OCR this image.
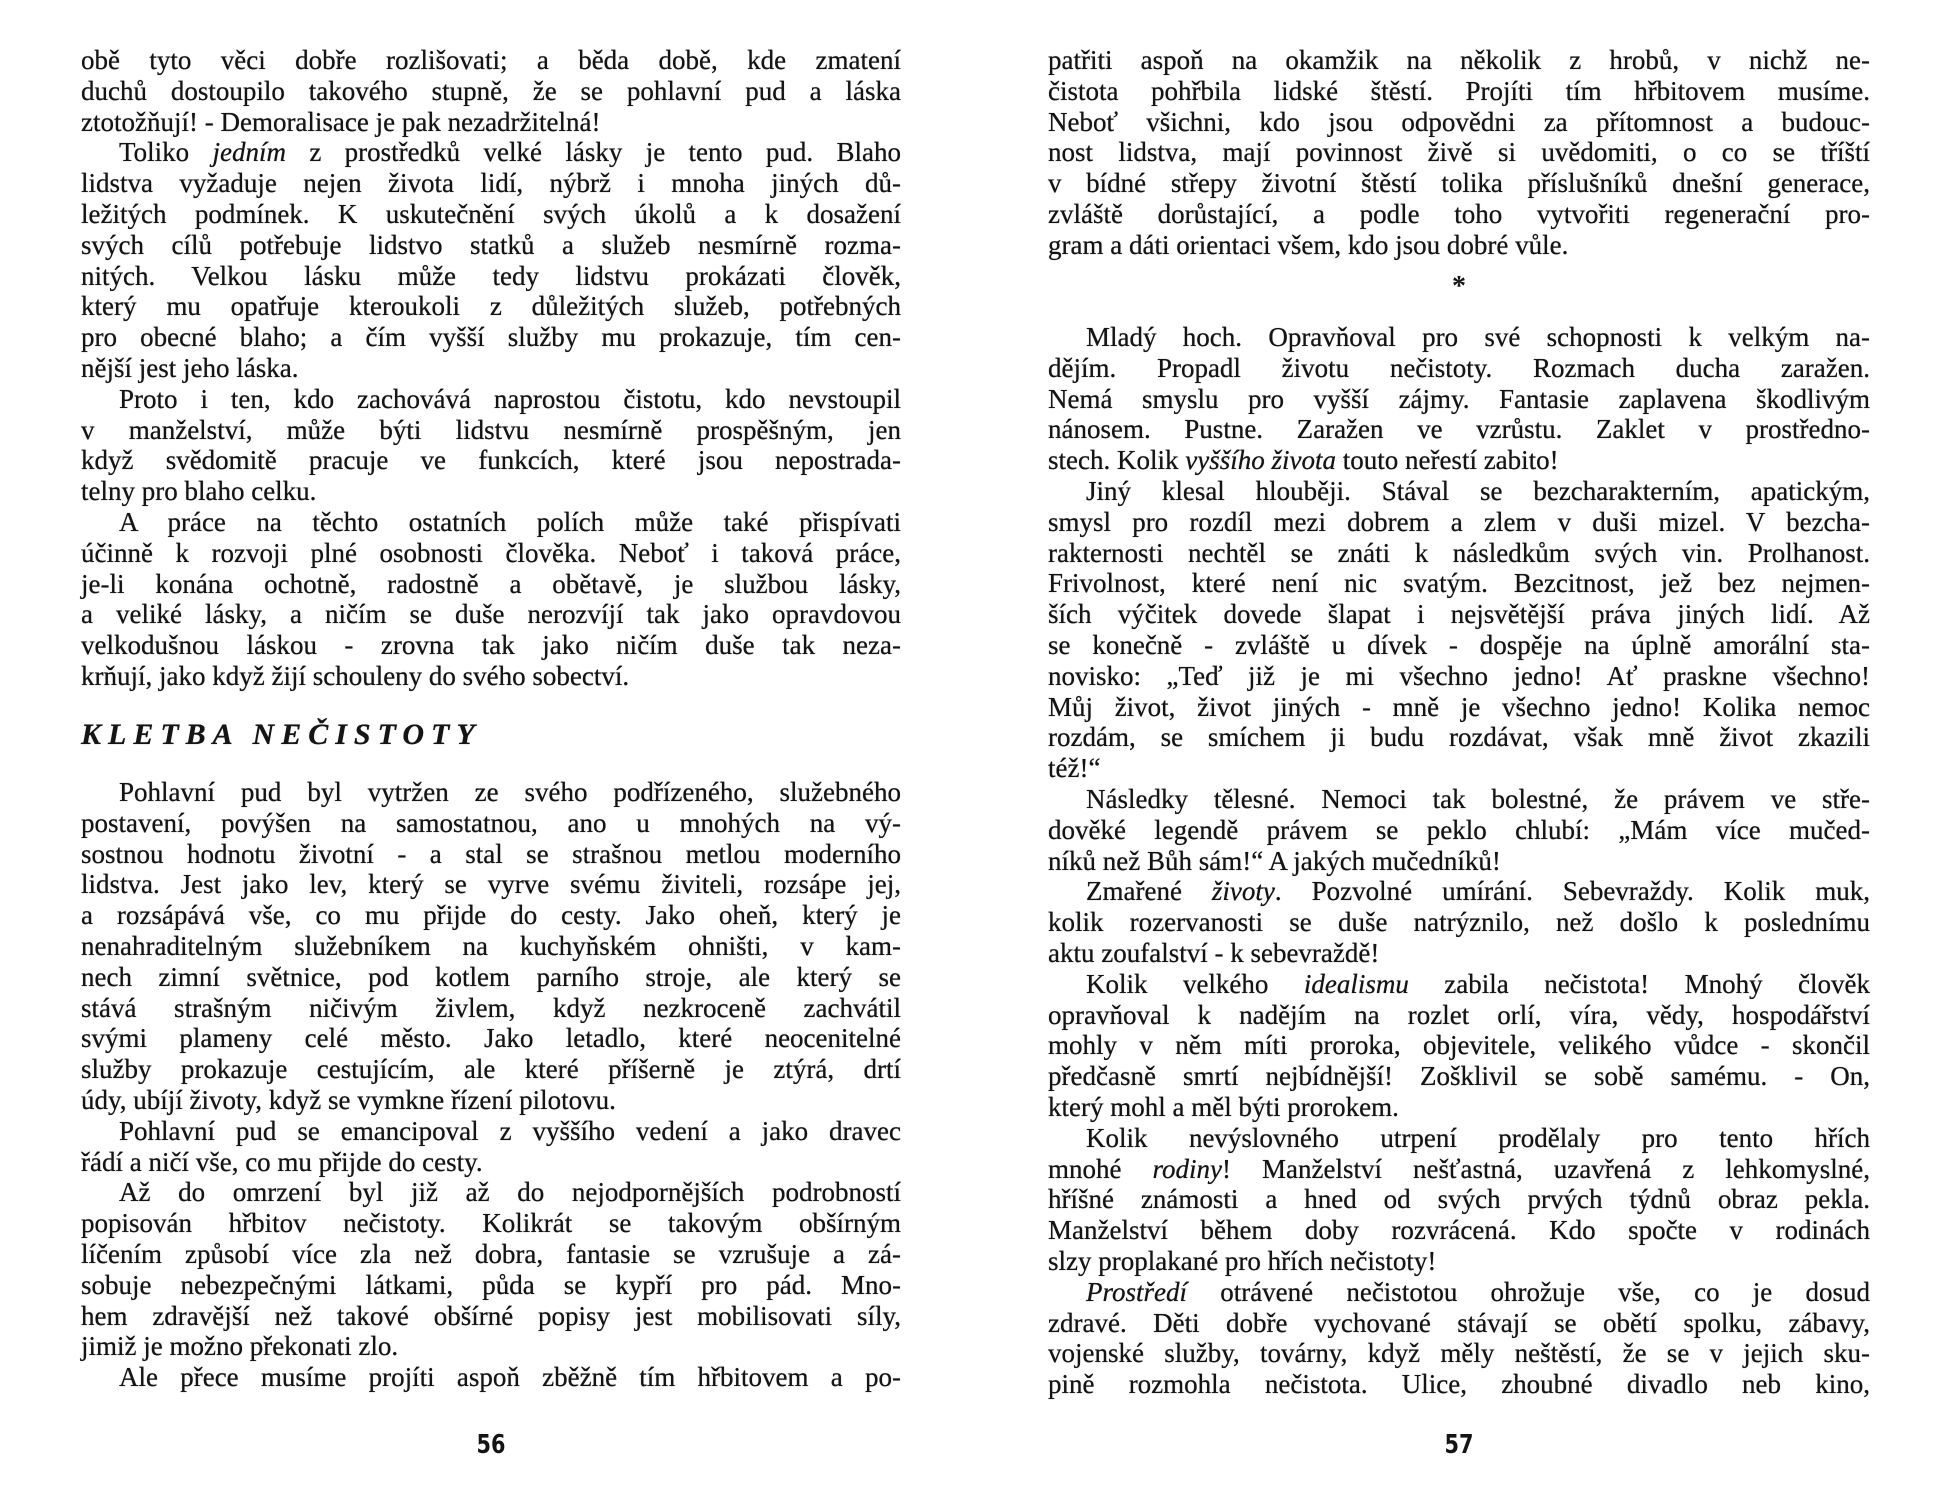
obě tyto věci dobře rozlišovati; a běda době, kde zmatení
duchů dostoupilo takového stupně, že se pohlavní pud a láska
ztotožňují! - Demoralisace je pak nezadržitelná!
Toliko jedním z prostředků velké lásky je tento pud. Blaho
lidstva vyžaduje nejen života lidí, nýbrž i mnoha jiných dů-
ležitých podmínek. K uskutečnění svých úkolů a k dosažení
svých cílů potřebuje lidstvo statků a služeb nesmírně rozma-
nitých. Velkou lásku může tedy lidstvu prokázati člověk,
který mu opatřuje kteroukoli z důležitých služeb, potřebných
pro obecné blaho; a čím vyšší služby mu prokazuje, tím cen-
nější jest jeho láska.
Proto i ten, kdo zachovává naprostou čistotu, kdo nevstoupil
v manželství, může býti lidstvu nesmírně prospěšným, jen
když svědomitě pracuje ve funkcích, které jsou nepostrada-
telny pro blaho celku.
A práce na těchto ostatních polích může také přispívati
účinně k rozvoji plné osobnosti člověka. Neboť i taková práce,
je-li konána ochotně, radostně a obětavě, je službou lásky,
a veliké lásky, a ničím se duše nerozvíjí tak jako opravdovou
velkodušnou láskou - zrovna tak jako ničím duše tak neza-
krňují, jako když žijí schouleny do svého sobectví.
KLETBA NEČISTOTY
Pohlavní pud byl vytržen ze svého podřízeného, služebného
postavení, povýšen na samostatnou, ano u mnohých na vý-
sostnou hodnotu životní - a stal se strašnou metlou moderního
lidstva. Jest jako lev, který se vyrve svému živiteli, rozsápe jej,
a rozsápává vše, co mu přijde do cesty. Jako oheň, který je
nenahraditelným služebníkem na kuchyňském ohništi, v kam-
nech zimní světnice, pod kotlem parního stroje, ale který se
stává strašným ničivým živlem, když nezkroceně zachvátil
svými plameny celé město. Jako letadlo, které neocenitelné
služby prokazuje cestujícím, ale které příšerně je ztýrá, drtí
údy, ubíjí životy, když se vymkne řízení pilotovu.
Pohlavní pud se emancipoval z vyššího vedení a jako dravec
řádí a ničí vše, co mu přijde do cesty.
Až do omrzení byl již až do nejodpornějších podrobností
popisován hřbitov nečistoty. Kolikrát se takovým obšírným
líčením způsobí více zla než dobra, fantasie se vzrušuje a zá-
sobuje nebezpečnými látkami, půda se kypří pro pád. Mno-
hem zdravější než takové obšírné popisy jest mobilisovati síly,
jimiž je možno překonati zlo.
Ale přece musíme projíti aspoň zběžně tím hřbitovem a po-
56
patřiti aspoň na okamžik na několik z hrobů, v nichž ne-
čistota pohřbila lidské štěstí. Projíti tím hřbitovem musíme.
Neboť všichni, kdo jsou odpovědni za přítomnost a budouc-
nost lidstva, mají povinnost živě si uvědomiti, o co se tříští
v bídné střepy životní štěstí tolika příslušníků dnešní generace,
zvláště dorůstající, a podle toho vytvořiti regenerační pro-
gram a dáti orientaci všem, kdo jsou dobré vůle.
*
Mladý hoch. Opravňoval pro své schopnosti k velkým na-
dějím. Propadl životu nečistoty. Rozmach ducha zaražen.
Nemá smyslu pro vyšší zájmy. Fantasie zaplavena škodlivým
nánosem. Pustne. Zaražen ve vzrůstu. Zaklet v prostředno-
stech. Kolik vyššího života touto neřestí zabito!
Jiný klesal hlouběji. Stával se bezcharakterním, apatickým,
smysl pro rozdíl mezi dobrem a zlem v duši mizel. V bezcha-
rakternosti nechtěl se znáti k následkům svých vin. Prolhanost.
Frivolnost, které není nic svatým. Bezcitnost, jež bez nejmen-
ších výčitek dovede šlapat i nejsvětější práva jiných lidí. Až
se konečně - zvláště u dívek - dospěje na úplně amorální sta-
novisko: „Teď již je mi všechno jedno! Ať praskne všechno!
Můj život, život jiných - mně je všechno jedno! Kolika nemoc
rozdám, se smíchem ji budu rozdávat, však mně život zkazili
též!“
Následky tělesné. Nemoci tak bolestné, že právem ve stře-
dověké legendě právem se peklo chlubí: „Mám více mučed-
níků než Bůh sám!“ A jakých mučedníků!
Zmařené životy. Pozvolné umírání. Sebevraždy. Kolik muk,
kolik rozervanosti se duše natrýznilo, než došlo k poslednímu
aktu zoufalství - k sebevraždě!
Kolik velkého idealismu zabila nečistota! Mnohý člověk
opravňoval k nadějím na rozlet orlí, víra, vědy, hospodářství
mohly v něm míti proroka, objevitele, velikého vůdce - skončil
předčasně smrtí nejbídnější! Zošklivil se sobě samému. - On,
který mohl a měl býti prorokem.
Kolik nevýslovného utrpení prodělaly pro tento hřích
mnohé rodiny! Manželství nešťastná, uzavřená z lehkomyslné,
hříšné známosti a hned od svých prvých týdnů obraz pekla.
Manželství během doby rozvrácená. Kdo spočte v rodinách
slzy proplakané pro hřích nečistoty!
Prostředí otrávené nečistotou ohrožuje vše, co je dosud
zdravé. Děti dobře vychované stávají se obětí spolku, zábavy,
vojenské služby, továrny, když měly neštěstí, že se v jejich sku-
pině rozmohla nečistota. Ulice, zhoubné divadlo neb kino,
57
